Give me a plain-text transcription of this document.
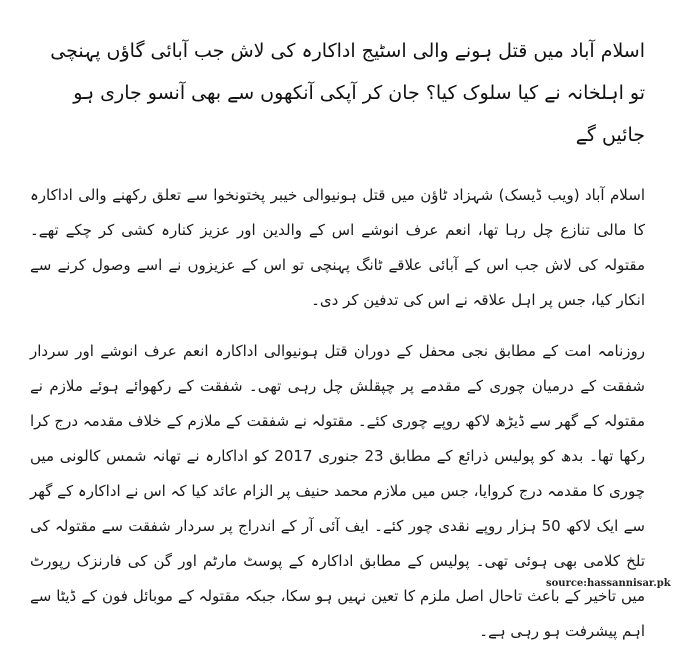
اسلام آباد میں قتل ہونے والی اسٹیج اداکارہ کی لاش جب آبائی گاؤں پہنچی تو اہلخانہ نے کیا سلوک کیا؟ جان کر آپکی آنکھوں سے بھی آنسو جاری ہو جائیں گے

اسلام آباد (ویب ڈیسک) شہزاد ٹاؤن میں قتل ہونیوالی خیبر پختونخوا سے تعلق رکھنے والی اداکارہ کا مالی تنازع چل رہا تھا، انعم عرف انوشے اس کے والدین اور عزیز کنارہ کشی کر چکے تھے۔ مقتولہ کی لاش جب اس کے آبائی علاقے ٹانگ پہنچی تو اس کے عزیزوں نے اسے وصول کرنے سے انکار کیا، جس پر اہل علاقہ نے اس کی تدفین کر دی۔

روزنامہ امت کے مطابق نجی محفل کے دوران قتل ہونیوالی اداکارہ انعم عرف انوشے اور سردار شفقت کے درمیان چوری کے مقدمے پر چپقلش چل رہی تھی۔ شفقت کے رکھوائے ہوئے ملازم نے مقتولہ کے گھر سے ڈیڑھ لاکھ روپے چوری کئے۔ مقتولہ نے شفقت کے ملازم کے خلاف مقدمہ درج کرا رکھا تھا۔ بدھ کو پولیس ذرائع کے مطابق 23 جنوری 2017 کو اداکارہ نے تھانہ شمس کالونی میں چوری کا مقدمہ درج کروایا، جس میں ملازم محمد حنیف پر الزام عائد کیا کہ اس نے اداکارہ کے گھر سے ایک لاکھ 50 ہزار روپے نقدی چور کئے۔ ایف آئی آر کے اندراج پر سردار شفقت سے مقتولہ کی تلخ کلامی بھی ہوئی تھی۔ پولیس کے مطابق اداکارہ کے پوسٹ مارٹم اور گن کی فارنزک رپورٹ میں تاخیر کے باعث تاحال اصل ملزم کا تعین نہیں ہو سکا، جبکہ مقتولہ کے موبائل فون کے ڈیٹا سے اہم پیشرفت ہو رہی ہے۔

source:hassannisar.pk
